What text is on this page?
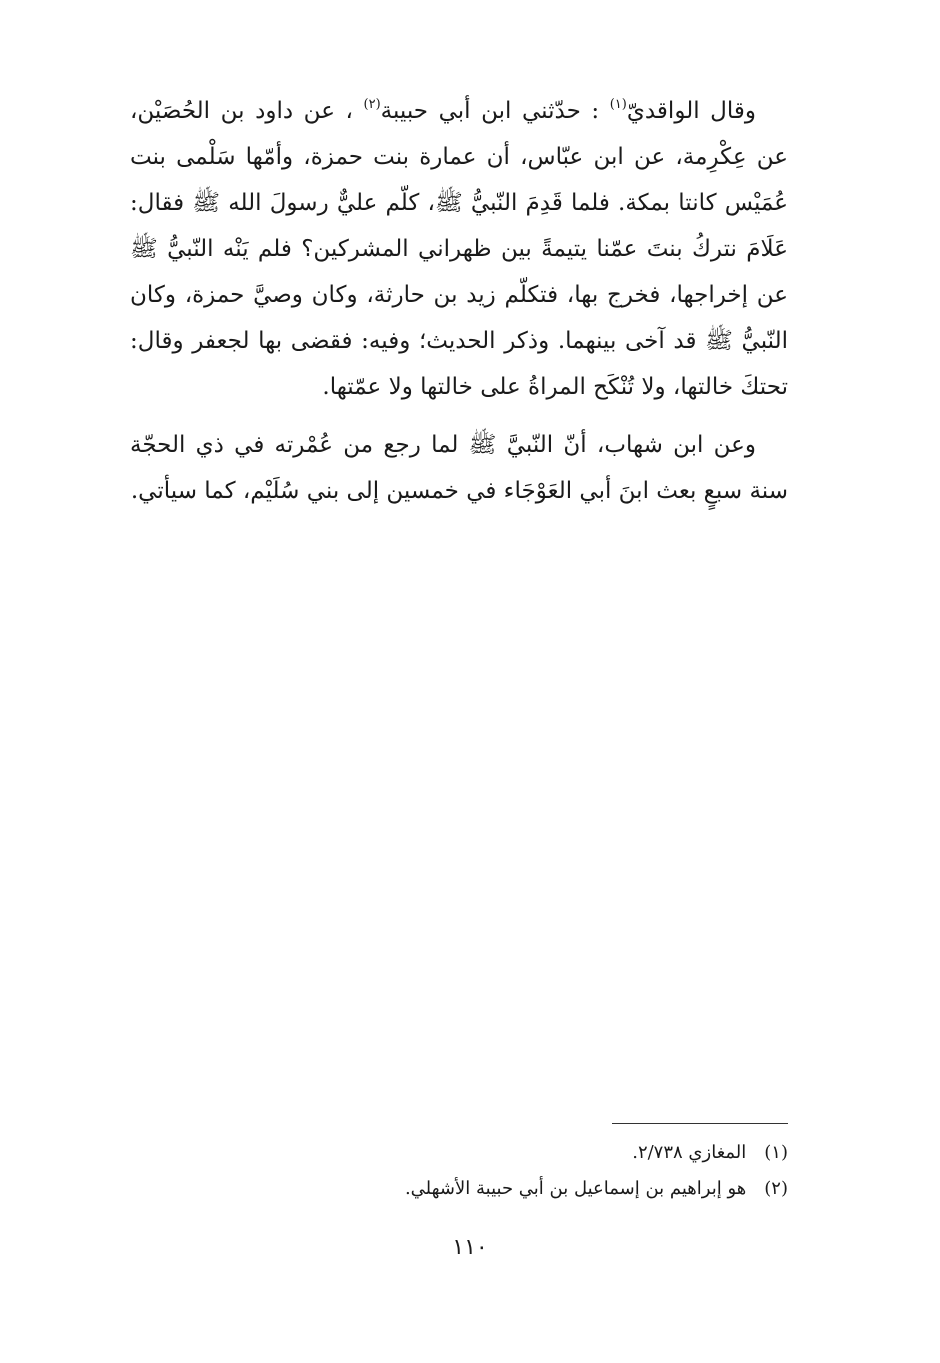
وقال الواقديّ$^{(١)}$ : حدّثني ابن أبي حبيبة$^{(٢)}$ ، عن داود بن الحُصَيْن، عن عِكْرِمة، عن ابن عبّاس، أن عمارة بنت حمزة، وأمّها سَلْمى بنت عُمَيْس كانتا بمكة. فلما قَدِمَ النّبيُّ ﷺ، كلّم عليٌّ رسولَ الله ﷺ فقال: عَلَامَ نتركُ بنتَ عمّنا يتيمةً بين ظهراني المشركين؟ فلم يَنْه النّبيُّ ﷺ عن إخراجها، فخرج بها، فتكلّم زيد بن حارثة، وكان وصيَّ حمزة، وكان النّبيُّ ﷺ قد آخى بينهما. وذكر الحديث؛ وفيه: فقضى بها لجعفر وقال: تحتكَ خالتها، ولا تُنْكَح المراةُ على خالتها ولا عمّتها.

وعن ابن شهاب، أنّ النّبيَّ ﷺ لما رجع من عُمْرته في ذي الحجّة سنة سبعٍ بعث ابنَ أبي العَوْجَاء في خمسين إلى بني سُلَيْم، كما سيأتي.

(١)المغازي ٢/٧٣٨.
(٢)هو إبراهيم بن إسماعيل بن أبي حبيبة الأشهلي.
١١٠
